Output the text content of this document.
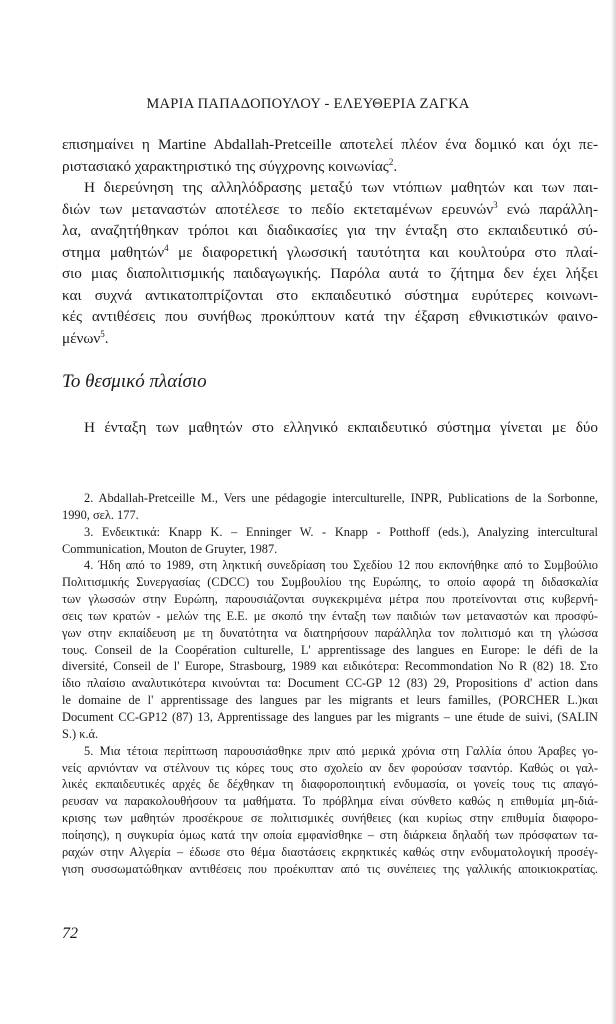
ΜΑΡΙΑ ΠΑΠΑΔΟΠΟΥΛΟΥ - ΕΛΕΥΘΕΡΙΑ ΖΑΓΚΑ
επισημαίνει η Martine Abdallah-Pretceille αποτελεί πλέον ένα δομικό και όχι πε-
ριστασιακό χαρακτηριστικό της σύγχρονης κοινωνίας$^2$.
Η διερεύνηση της αλληλόδρασης μεταξύ των ντόπιων μαθητών και των παι-
διών των μεταναστών αποτέλεσε το πεδίο εκτεταμένων ερευνών$^3$ ενώ παράλλη-
λα, αναζητήθηκαν τρόποι και διαδικασίες για την ένταξη στο εκπαιδευτικό σύ-
στημα μαθητών$^4$ με διαφορετική γλωσσική ταυτότητα και κουλτούρα στο πλαί-
σιο μιας διαπολιτισμικής παιδαγωγικής. Παρόλα αυτά το ζήτημα δεν έχει λήξει
και συχνά αντικατοπτρίζονται στο εκπαιδευτικό σύστημα ευρύτερες κοινωνι-
κές αντιθέσεις που συνήθως προκύπτουν κατά την έξαρση εθνικιστικών φαινο-
μένων$^5$.
Το θεσμικό πλαίσιο
Η ένταξη των μαθητών στο ελληνικό εκπαιδευτικό σύστημα γίνεται με δύο
2. Abdallah-Pretceille M., Vers une pédagogie interculturelle, INPR, Publications de la Sorbonne,
1990, σελ. 177.
3. Ενδεικτικά: Knapp K. – Enninger W. - Knapp - Potthoff (eds.), Analyzing intercultural
Communication, Mouton de Gruyter, 1987.
4. Ήδη από το 1989, στη ληκτική συνεδρίαση του Σχεδίου 12 που εκπονήθηκε από το Συμβούλιο
Πολιτισμικής Συνεργασίας (CDCC) του Συμβουλίου της Ευρώπης, το οποίο αφορά τη διδασκαλία
των γλωσσών στην Ευρώπη, παρουσιάζονται συγκεκριμένα μέτρα που προτείνονται στις κυβερνή-
σεις των κρατών - μελών της Ε.Ε. με σκοπό την ένταξη των παιδιών των μεταναστών και προσφύ-
γων στην εκπαίδευση με τη δυνατότητα να διατηρήσουν παράλληλα τον πολιτισμό και τη γλώσσα
τους. Conseil de la Coopération culturelle, L' apprentissage des langues en Europe: le défi de la
diversité, Conseil de l' Europe, Strasbourg, 1989 και ειδικότερα: Recommondation No R (82) 18. Στο
ίδιο πλαίσιο αναλυτικότερα κινούνται τα: Document CC-GP 12 (83) 29, Propositions d' action dans
le domaine de l' apprentissage des langues par les migrants et leurs familles, (PORCHER L.)και
Document CC-GP12 (87) 13, Apprentissage des langues par les migrants – une étude de suivi, (SALIN
S.) κ.ά.
5. Μια τέτοια περίπτωση παρουσιάσθηκε πριν από μερικά χρόνια στη Γαλλία όπου Άραβες γο-
νείς αρνιόνταν να στέλνουν τις κόρες τους στο σχολείο αν δεν φορούσαν τσαντόρ. Καθώς οι γαλ-
λικές εκπαιδευτικές αρχές δε δέχθηκαν τη διαφοροποιητική ενδυμασία, οι γονείς τους τις απαγό-
ρευσαν να παρακολουθήσουν τα μαθήματα. Το πρόβλημα είναι σύνθετο καθώς η επιθυμία μη-διά-
κρισης των μαθητών προσέκρουε σε πολιτισμικές συνήθειες (και κυρίως στην επιθυμία διαφορο-
ποίησης), η συγκυρία όμως κατά την οποία εμφανίσθηκε – στη διάρκεια δηλαδή των πρόσφατων τα-
ραχών στην Αλγερία – έδωσε στο θέμα διαστάσεις εκρηκτικές καθώς στην ενδυματολογική προσέγ-
γιση συσσωματώθηκαν αντιθέσεις που προέκυπταν από τις συνέπειες της γαλλικής αποικιοκρατίας.
72
